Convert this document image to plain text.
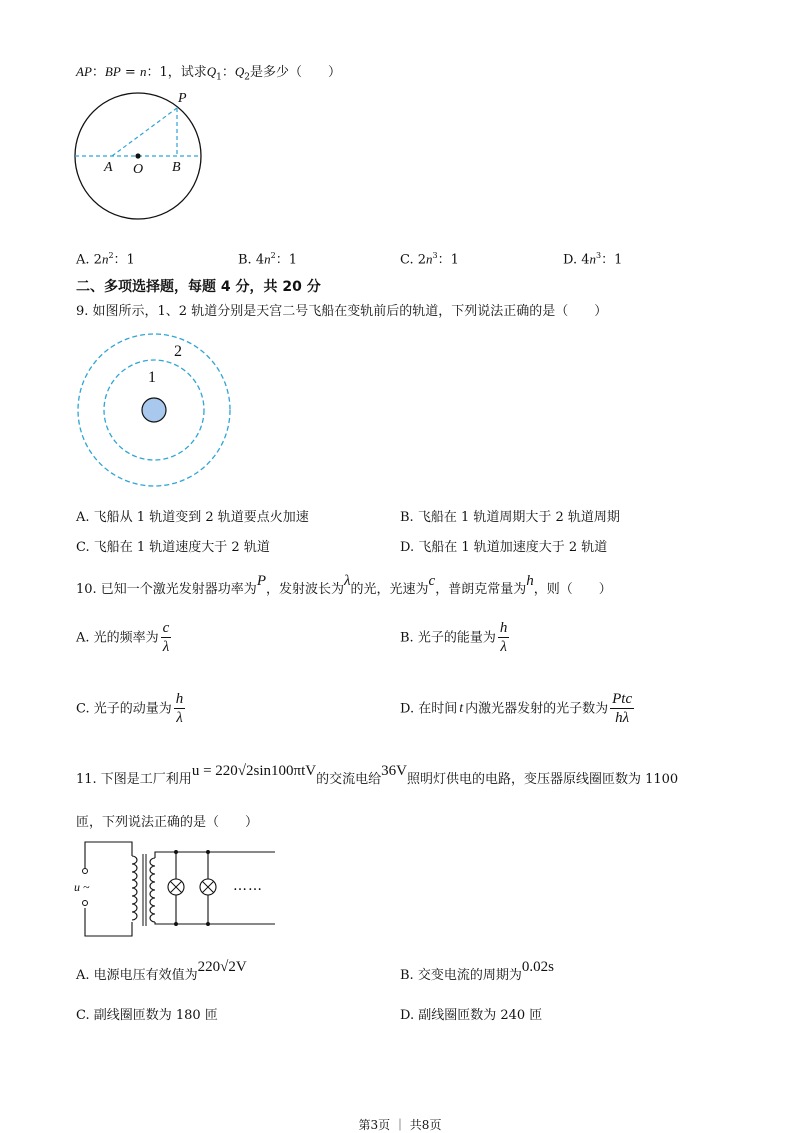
AP：BP = n：1，试求$Q_1$：$Q_2$是多少（　　）
P
A O B
A. $2n^2$：1	B. $4n^2$：1	C. $2n^3$：1	D. $4n^3$：1
二、多项选择题，每题 4 分，共 20 分
9. 如图所示，1、2 轨道分别是天宫二号飞船在变轨前后的轨道，下列说法正确的是（　　）
2
1
A. 飞船从 1 轨道变到 2 轨道要点火加速	B. 飞船在 1 轨道周期大于 2 轨道周期
C. 飞船在 1 轨道速度大于 2 轨道	D. 飞船在 1 轨道加速度大于 2 轨道
10. 已知一个激光发射器功率为P，发射波长为λ的光，光速为c，普朗克常量为h，则（　　）
A. 光的频率为 $\frac{c}{\lambda}$	B. 光子的能量为 $\frac{h}{\lambda}$
C. 光子的动量为 $\frac{h}{\lambda}$	D. 在时间 t 内激光器发射的光子数为 $\frac{\text{Ptc}}{h\lambda}$
11. 下图是工厂利用u = 220√2sin100πtV的交流电给36V照明灯供电的电路，变压器原线圈匝数为 1100
匝，下列说法正确的是（　　）
u ~	……
A. 电源电压有效值为220√2V
B. 交变电流的周期为0.02s
C. 副线圈匝数为 180 匝	D. 副线圈匝数为 240 匝
第3页 ｜ 共8页
